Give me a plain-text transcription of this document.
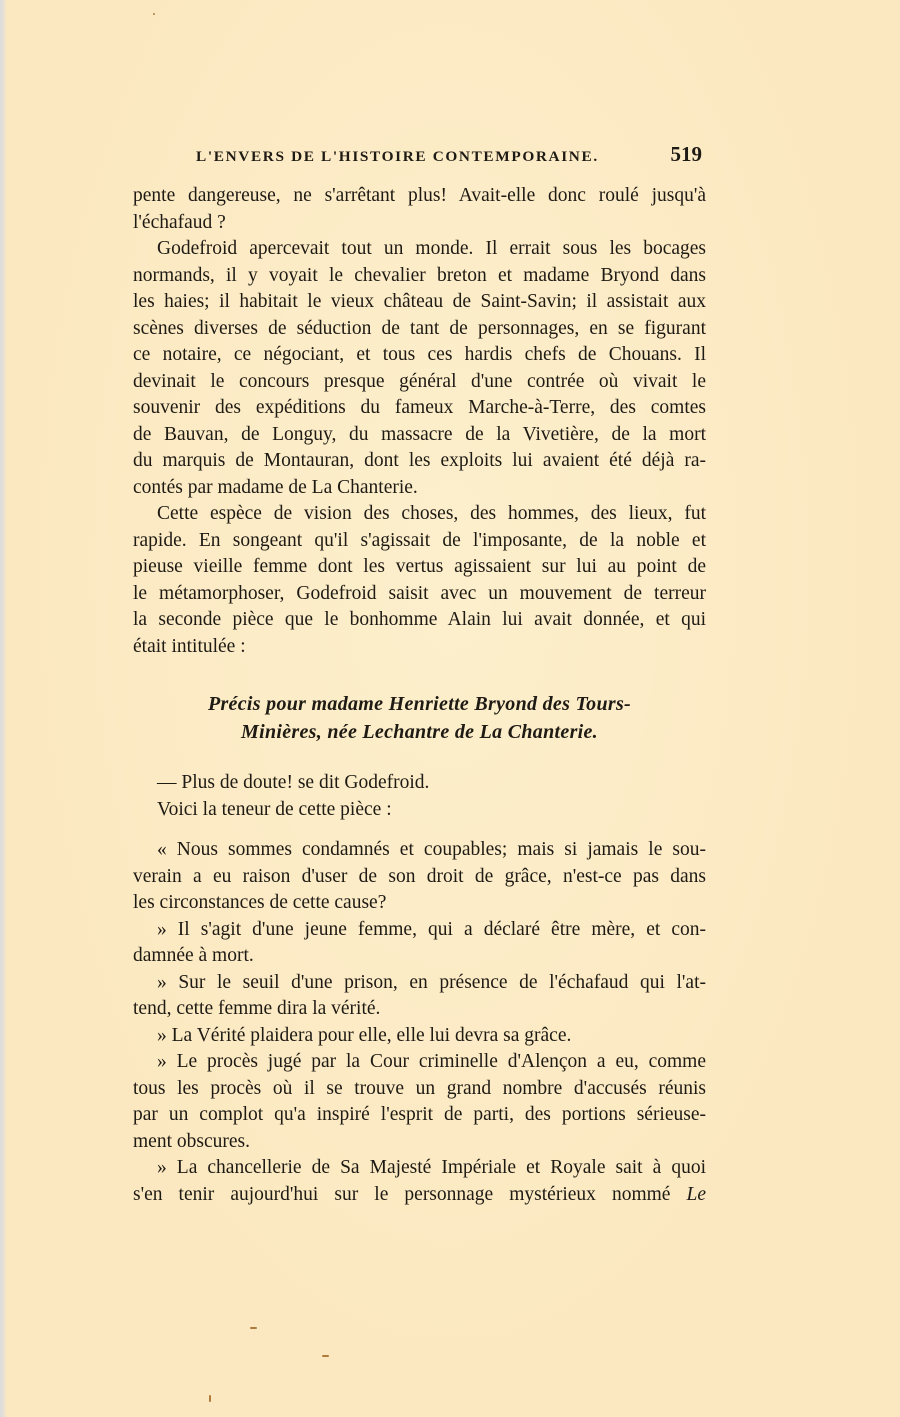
L'ENVERS DE L'HISTOIRE CONTEMPORAINE.	519
pente dangereuse, ne s'arrêtant plus! Avait-elle donc roulé jusqu'à
l'échafaud ?
Godefroid apercevait tout un monde. Il errait sous les bocages
normands, il y voyait le chevalier breton et madame Bryond dans
les haies; il habitait le vieux château de Saint-Savin; il assistait aux
scènes diverses de séduction de tant de personnages, en se figurant
ce notaire, ce négociant, et tous ces hardis chefs de Chouans. Il
devinait le concours presque général d'une contrée où vivait le
souvenir des expéditions du fameux Marche-à-Terre, des comtes
de Bauvan, de Longuy, du massacre de la Vivetière, de la mort
du marquis de Montauran, dont les exploits lui avaient été déjà ra-
contés par madame de La Chanterie.
Cette espèce de vision des choses, des hommes, des lieux, fut
rapide. En songeant qu'il s'agissait de l'imposante, de la noble et
pieuse vieille femme dont les vertus agissaient sur lui au point de
le métamorphoser, Godefroid saisit avec un mouvement de terreur
la seconde pièce que le bonhomme Alain lui avait donnée, et qui
était intitulée :
Précis pour madame Henriette Bryond des Tours-
Minières, née Lechantre de La Chanterie.
— Plus de doute! se dit Godefroid.
Voici la teneur de cette pièce :
« Nous sommes condamnés et coupables; mais si jamais le sou-
verain a eu raison d'user de son droit de grâce, n'est-ce pas dans
les circonstances de cette cause?
» Il s'agit d'une jeune femme, qui a déclaré être mère, et con-
damnée à mort.
» Sur le seuil d'une prison, en présence de l'échafaud qui l'at-
tend, cette femme dira la vérité.
» La Vérité plaidera pour elle, elle lui devra sa grâce.
» Le procès jugé par la Cour criminelle d'Alençon a eu, comme
tous les procès où il se trouve un grand nombre d'accusés réunis
par un complot qu'a inspiré l'esprit de parti, des portions sérieuse-
ment obscures.
» La chancellerie de Sa Majesté Impériale et Royale sait à quoi
s'en tenir aujourd'hui sur le personnage mystérieux nommé Le
